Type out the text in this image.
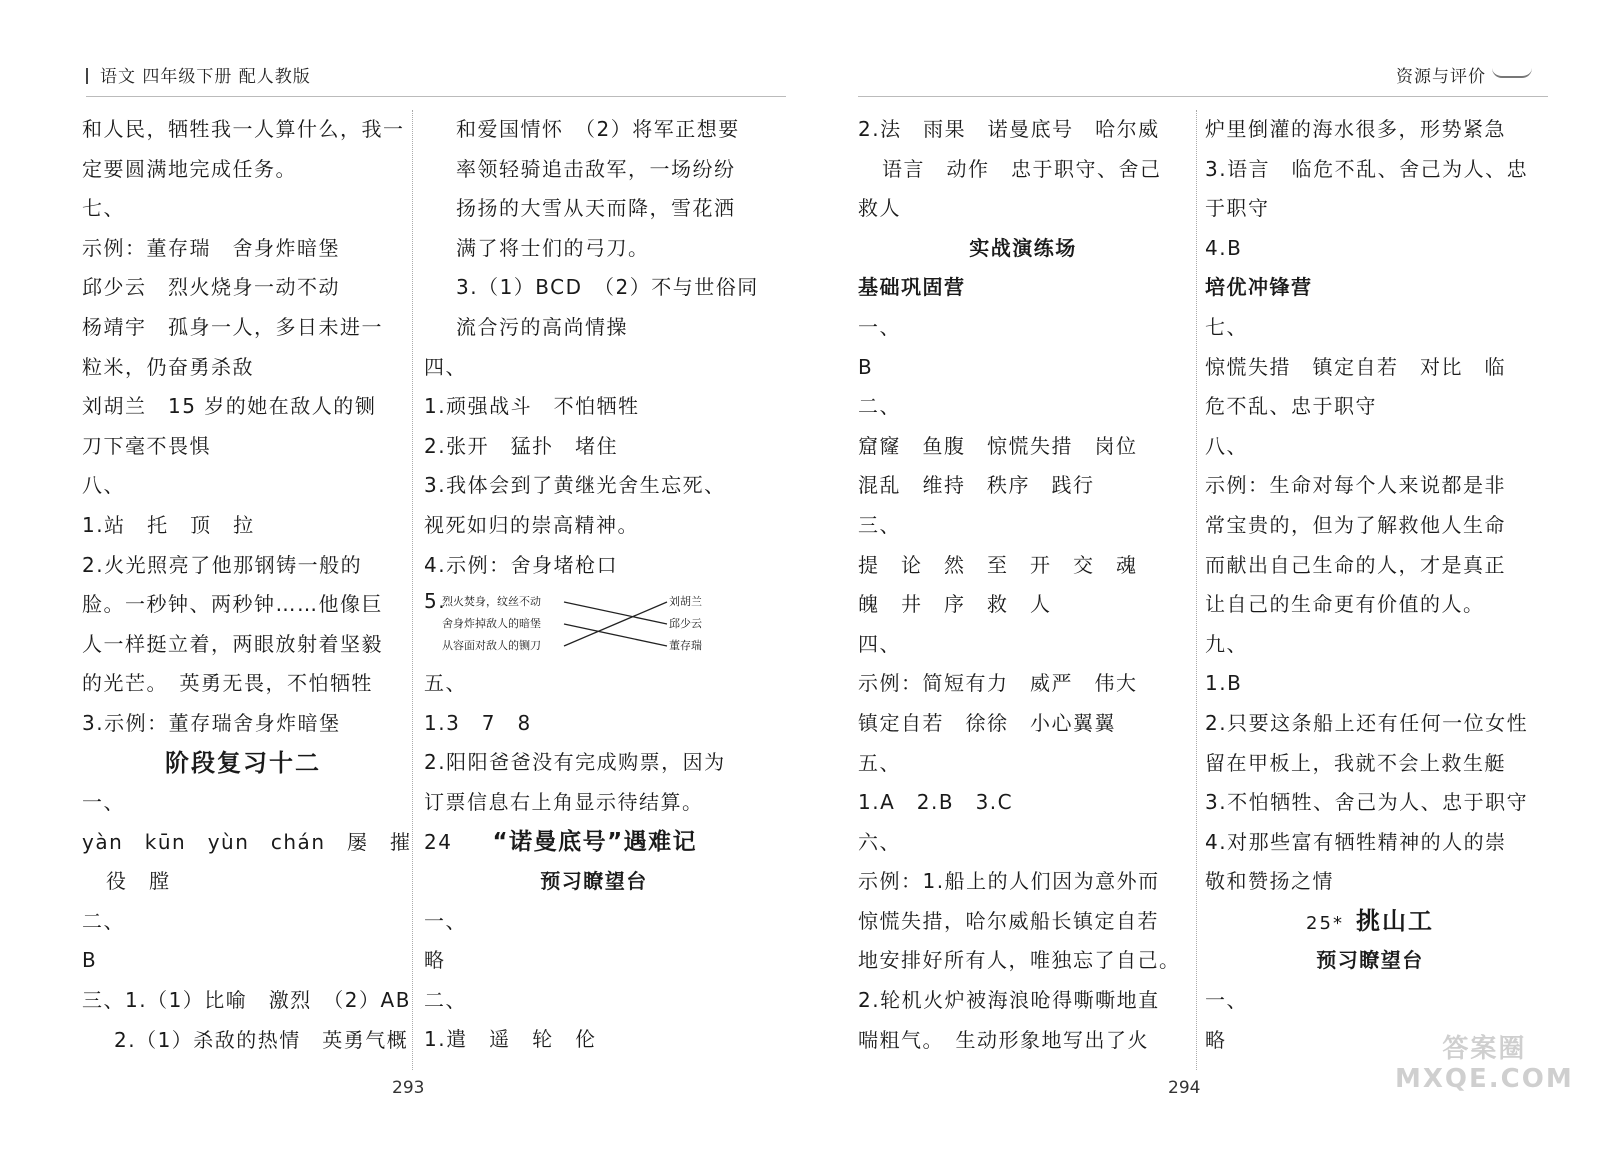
语文 四年级下册 配人教版	资源与评价
和人民，牺牲我一人算什么，我一
定要圆满地完成任务。
七、
示例：董存瑞　舍身炸暗堡
邱少云　烈火烧身一动不动
杨靖宇　孤身一人，多日未进一
粒米，仍奋勇杀敌
刘胡兰　15 岁的她在敌人的铡
刀下毫不畏惧
八、
1.站　托　顶　拉
2.火光照亮了他那钢铸一般的
脸。一秒钟、两秒钟……他像巨
人一样挺立着，两眼放射着坚毅
的光芒。　英勇无畏，不怕牺牲
3.示例：董存瑞舍身炸暗堡
阶段复习十二
一、
yàn　kūn　yùn　chán　屡　摧
役　膛
二、
B
三、1.（1）比喻　激烈　（2）AB
2.（1）杀敌的热情　英勇气概
和爱国情怀　（2）将军正想要
率领轻骑追击敌军，一场纷纷
扬扬的大雪从天而降，雪花洒
满了将士们的弓刀。
3.（1）BCD　（2）不与世俗同
流合污的高尚情操
四、
1.顽强战斗　不怕牺牲
2.张开　猛扑　堵住
3.我体会到了黄继光舍生忘死、
视死如归的崇高精神。
4.示例：舍身堵枪口
5.
烈火焚身，纹丝不动
舍身炸掉敌人的暗堡
从容面对敌人的铡刀
刘胡兰
邱少云
董存瑞
五、
1.3　7　8
2.阳阳爸爸没有完成购票，因为
订票信息右上角显示待结算。
24 “诺曼底号”遇难记
预习瞭望台
一、
略
二、
1.遣　遥　轮　伦
2.法　雨果　诺曼底号　哈尔威
语言　动作　忠于职守、舍己
救人
实战演练场
基础巩固营
一、
B
二、
窟窿　鱼腹　惊慌失措　岗位
混乱　维持　秩序　践行
三、
提　论　然　至　开　交　魂
魄　井　序　救　人
四、
示例：简短有力　威严　伟大
镇定自若　徐徐　小心翼翼
五、
1.A　2.B　3.C
六、
示例：1.船上的人们因为意外而
惊慌失措，哈尔威船长镇定自若
地安排好所有人，唯独忘了自己。
2.轮机火炉被海浪呛得嘶嘶地直
喘粗气。　生动形象地写出了火
炉里倒灌的海水很多，形势紧急
3.语言　临危不乱、舍己为人、忠
于职守
4.B
培优冲锋营
七、
惊慌失措　镇定自若　对比　临
危不乱、忠于职守
八、
示例：生命对每个人来说都是非
常宝贵的，但为了解救他人生命
而献出自己生命的人，才是真正
让自己的生命更有价值的人。
九、
1.B
2.只要这条船上还有任何一位女性
留在甲板上，我就不会上救生艇
3.不怕牺牲、舍己为人、忠于职守
4.对那些富有牺牲精神的人的崇
敬和赞扬之情
25* 挑山工
预习瞭望台
一、
略
293	294
答案圈
MXQE.COM
